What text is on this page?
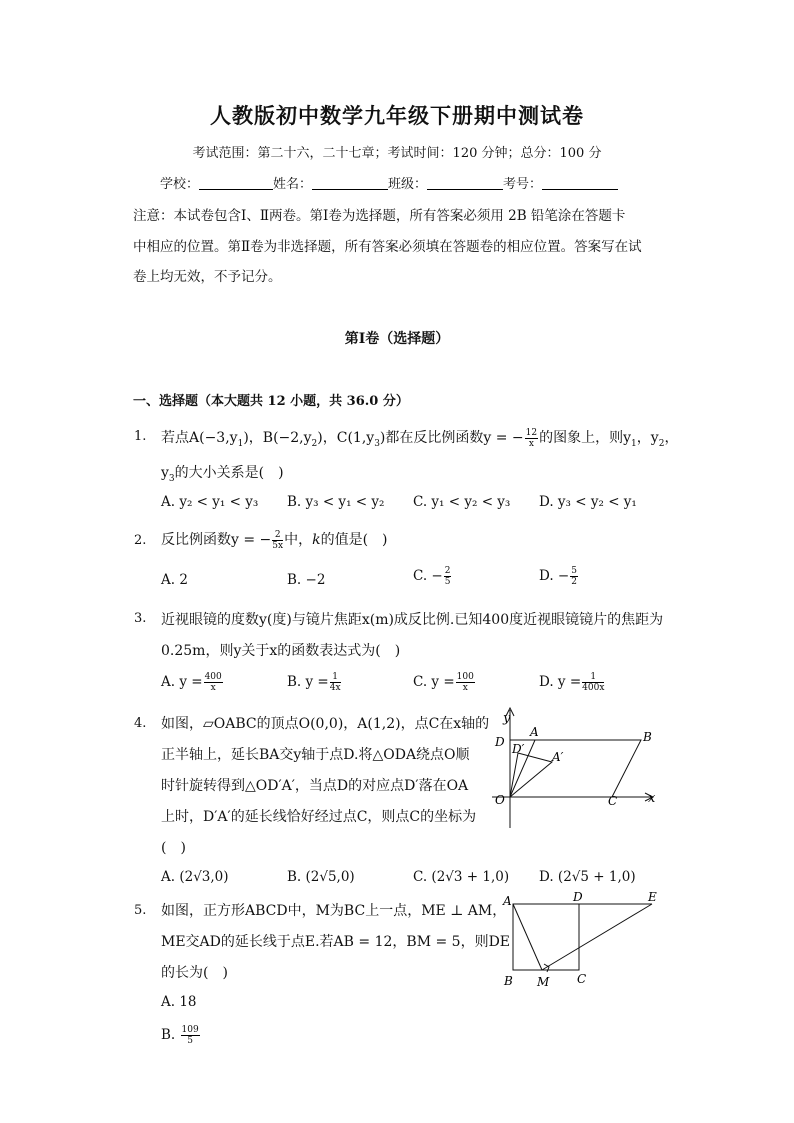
人教版初中数学九年级下册期中测试卷
考试范围：第二十六，二十七章；考试时间：120 分钟；总分：100 分
学校：	姓名：	班级：	考号：
注意：本试卷包含Ⅰ、Ⅱ两卷。第Ⅰ卷为选择题，所有答案必须用 2B 铅笔涂在答题卡
中相应的位置。第Ⅱ卷为非选择题，所有答案必须填在答题卷的相应位置。答案写在试
卷上均无效，不予记分。
第Ⅰ卷（选择题）
一、选择题（本大题共 12 小题，共 36.0 分）
1. 若点$A(-3,y_1)$，$B(-2,y_2)$，$C(1,y_3)$都在反比例函数y = − $\frac{12}{x}$ 的图象上，则$y_1$，$y_2$，
$y_3$的大小关系是(　)
A. y₂ < y₁ < y₃ B. y₃ < y₁ < y₂ C. y₁ < y₂ < y₃ D. y₃ < y₂ < y₁
2. 反比例函数y = − $\frac{2}{5x}$ 中，k的值是(　)
A. 2	B. −2	C. − $\frac{2}{5}$	D. − $\frac{5}{2}$
3. 近视眼镜的度数y(度)与镜片焦距x(m)成反比例.已知400度近视眼镜镜片的焦距为
0.25m，则y关于x的函数表达式为(　)
A. $y = \frac{400}{x}$	B. $y = \frac{1}{4x}$	C. $y = \frac{100}{x}$	D. $y = \frac{1}{400x}$
4. 如图，▱OABC的顶点O(0,0)，A(1,2)，点C在x轴的
正半轴上，延长BA交y轴于点D.将△ODA绕点O顺
时针旋转得到△OD′A′，当点D的对应点D′落在OA
上时，D′A′的延长线恰好经过点C，则点C的坐标为
(　)
A. (2√3,0)	B. (2√5,0)	C. (2√3 + 1,0) D. (2√5 + 1,0)
y
x
A	B
C
D D′
A′
O
5. 如图，正方形ABCD中，M为BC上一点，ME ⊥ AM，
ME交AD的延长线于点E.若AB = 12，BM = 5，则DE
的长为(　)
A. 18
B. $\frac{109}{5}$
A	D	E
B M C
